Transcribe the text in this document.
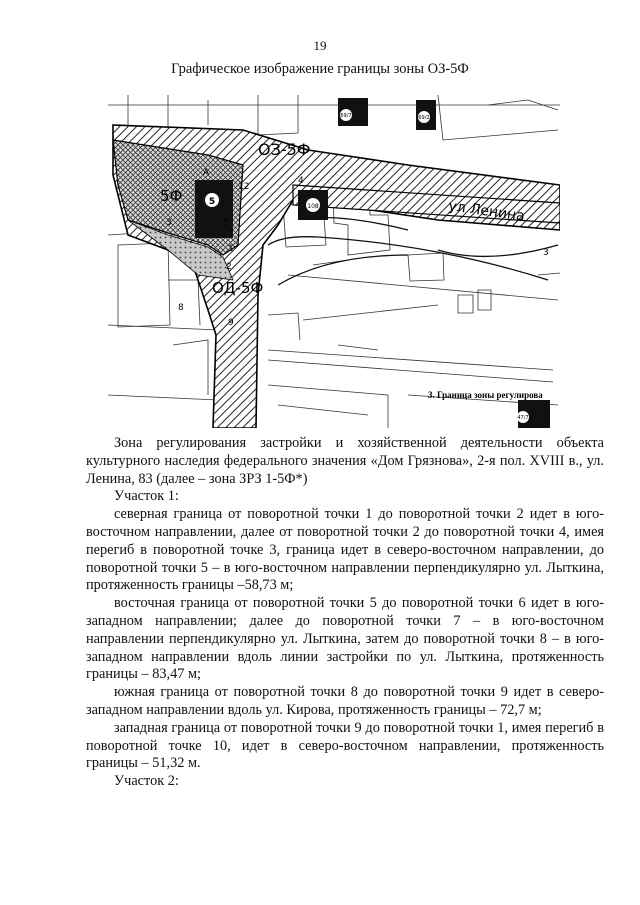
19
Графическое изображение границы зоны ОЗ-5Ф
5	108
69/7	69/2
47/7
ОЗ-5Ф
5Ф
ОД-5Ф
ул Ленина
12
1
2
А
4
3
8
5
3
9
3. Граница зоны регулирова

Зона регулирования застройки и хозяйственной деятельности объекта культурного наследия федерального значения «Дом Грязнова», 2-я пол. XVIII в., ул. Ленина, 83 (далее – зона ЗРЗ 1-5Ф*)

Участок 1:

северная граница от поворотной точки 1 до поворотной точки 2 идет в юго-восточном направлении, далее от поворотной точки 2 до поворотной точки 4, имея перегиб в поворотной точке 3, граница идет в северо-восточном направлении, до поворотной точки 5 – в юго-восточном направлении перпендикулярно ул. Лыткина, протяженность границы –58,73 м;

восточная граница от поворотной точки 5 до поворотной точки 6 идет в юго-западном направлении; далее до поворотной точки 7 – в юго-восточном направлении перпендикулярно ул. Лыткина, затем до поворотной точки 8 – в юго-западном направлении вдоль линии застройки по ул. Лыткина, протяженность границы – 83,47 м;

южная граница от поворотной точки 8 до поворотной точки 9 идет в северо-западном направлении вдоль ул. Кирова, протяженность границы – 72,7 м;

западная граница от поворотной точки 9 до поворотной точки 1, имея перегиб в поворотной точке 10, идет в северо-восточном направлении, протяженность границы – 51,32 м.

Участок 2:
